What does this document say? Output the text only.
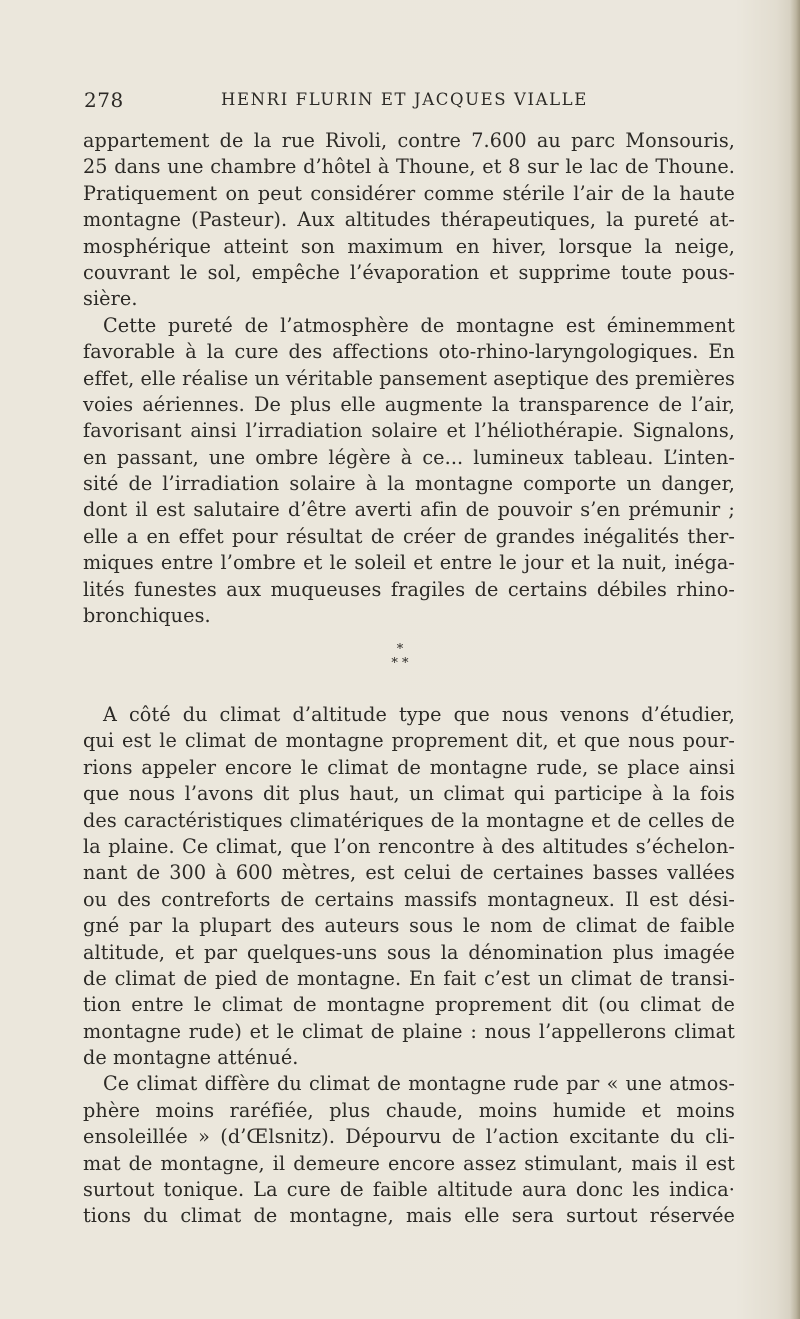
278	HENRI FLURIN ET JACQUES VIALLE
appartement de la rue Rivoli, contre 7.600 au parc Monsouris,
25 dans une chambre d’hôtel à Thoune, et 8 sur le lac de Thoune.
Pratiquement on peut considérer comme stérile l’air de la haute
montagne (Pasteur). Aux altitudes thérapeutiques, la pureté at-
mosphérique atteint son maximum en hiver, lorsque la neige,
couvrant le sol, empêche l’évaporation et supprime toute pous-
sière.
Cette pureté de l’atmosphère de montagne est éminemment
favorable à la cure des affections oto-rhino-laryngologiques. En
effet, elle réalise un véritable pansement aseptique des premières
voies aériennes. De plus elle augmente la transparence de l’air,
favorisant ainsi l’irradiation solaire et l’héliothérapie. Signalons,
en passant, une ombre légère à ce... lumineux tableau. L’inten-
sité de l’irradiation solaire à la montagne comporte un danger,
dont il est salutaire d’être averti afin de pouvoir s’en prémunir ;
elle a en effet pour résultat de créer de grandes inégalités ther-
miques entre l’ombre et le soleil et entre le jour et la nuit, inéga-
lités funestes aux muqueuses fragiles de certains débiles rhino-
bronchiques.
*
* *
A côté du climat d’altitude type que nous venons d’étudier,
qui est le climat de montagne proprement dit, et que nous pour-
rions appeler encore le climat de montagne rude, se place ainsi
que nous l’avons dit plus haut, un climat qui participe à la fois
des caractéristiques climatériques de la montagne et de celles de
la plaine. Ce climat, que l’on rencontre à des altitudes s’échelon-
nant de 300 à 600 mètres, est celui de certaines basses vallées
ou des contreforts de certains massifs montagneux. Il est dési-
gné par la plupart des auteurs sous le nom de climat de faible
altitude, et par quelques-uns sous la dénomination plus imagée
de climat de pied de montagne. En fait c’est un climat de transi-
tion entre le climat de montagne proprement dit (ou climat de
montagne rude) et le climat de plaine : nous l’appellerons climat
de montagne atténué.
Ce climat diffère du climat de montagne rude par « une atmos-
phère moins raréfiée, plus chaude, moins humide et moins
ensoleillée » (d’Œlsnitz). Dépourvu de l’action excitante du cli-
mat de montagne, il demeure encore assez stimulant, mais il est
surtout tonique. La cure de faible altitude aura donc les indica·
tions du climat de montagne, mais elle sera surtout réservée
